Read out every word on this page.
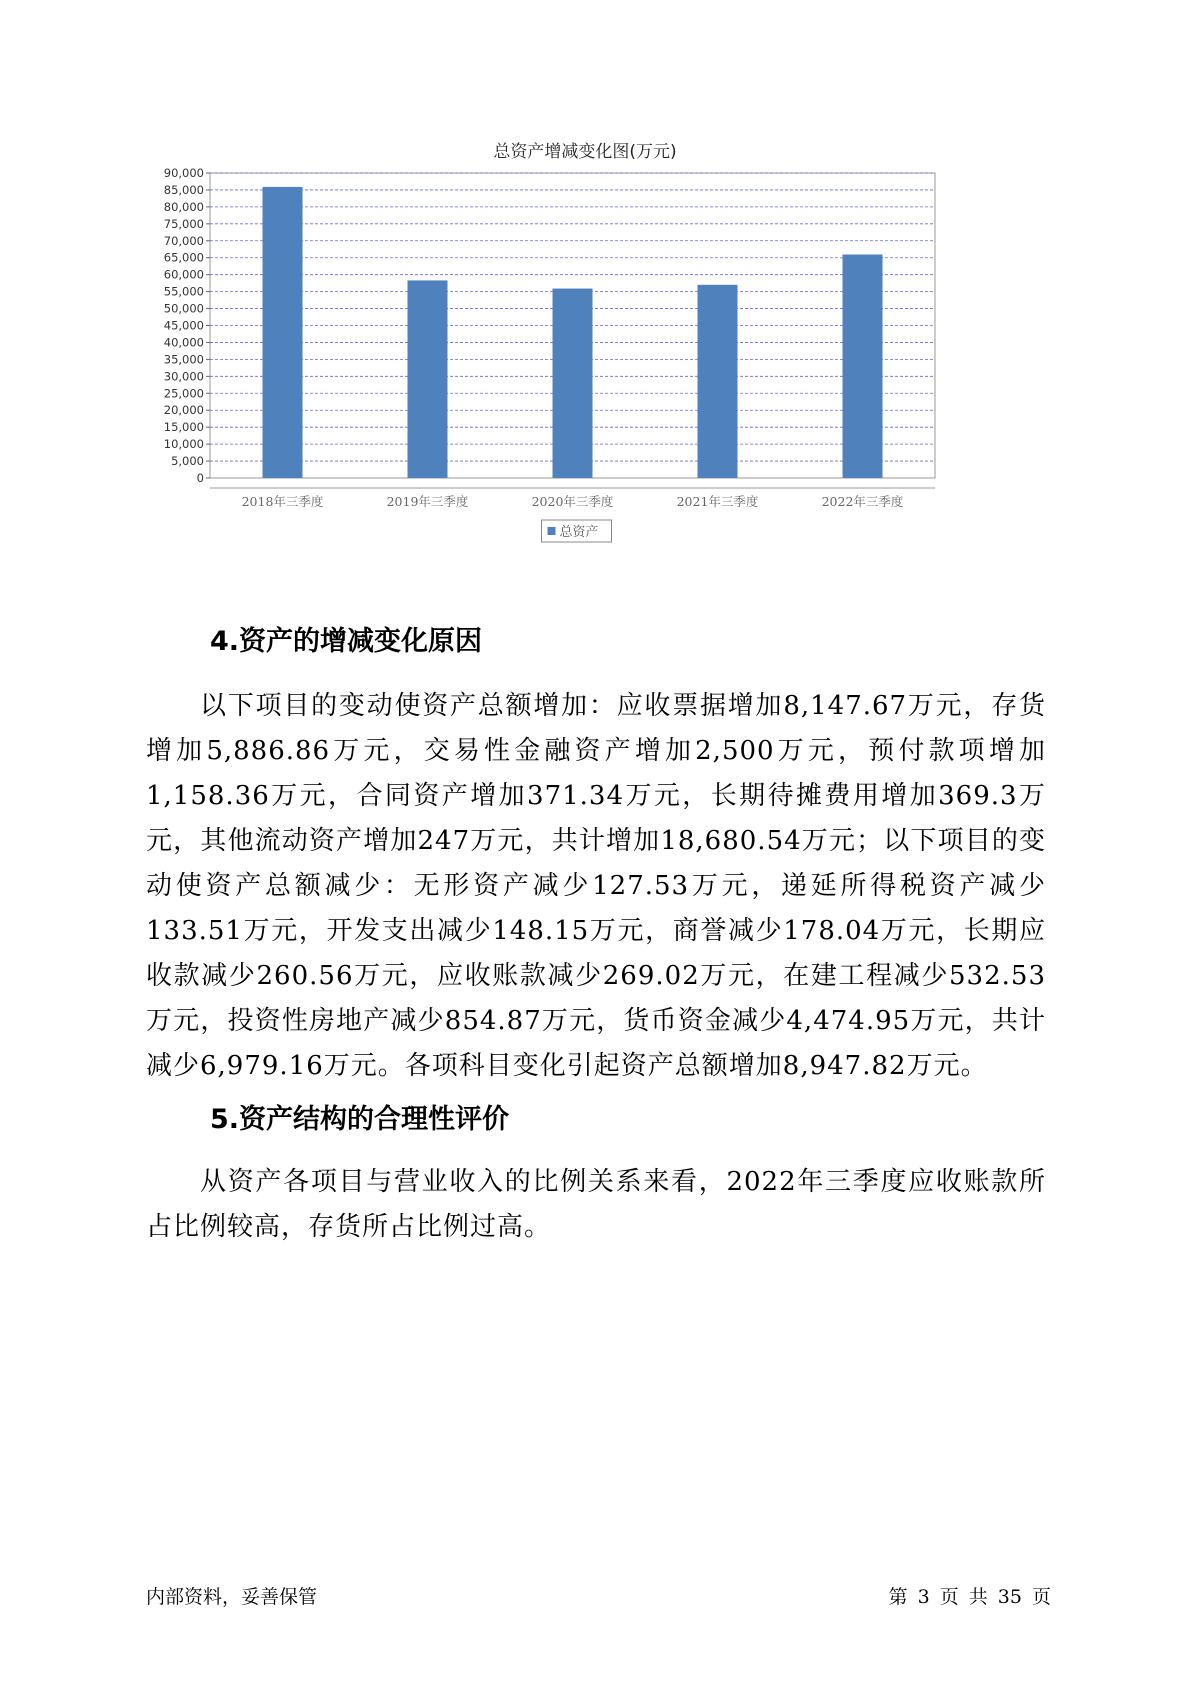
总资产增减变化图(万元)
0
5,000
10,000
15,000
20,000
25,000
30,000
35,000
40,000
45,000
50,000
55,000
60,000
65,000
70,000
75,000
80,000
85,000
90,000
2018年三季度	2019年三季度	2020年三季度	2021年三季度	2022年三季度
总资产
4.资产的增减变化原因

以下项目的变动使资产总额增加：应收票据增加8,147.67万元，存货增加5,886.86万元，交易性金融资产增加2,500万元，预付款项增加1,158.36万元，合同资产增加371.34万元，长期待摊费用增加369.3万元，其他流动资产增加247万元，共计增加18,680.54万元；以下项目的变动使资产总额减少：无形资产减少127.53万元，递延所得税资产减少133.51万元，开发支出减少148.15万元，商誉减少178.04万元，长期应收款减少260.56万元，应收账款减少269.02万元，在建工程减少532.53万元，投资性房地产减少854.87万元，货币资金减少4,474.95万元，共计减少6,979.16万元。各项科目变化引起资产总额增加8,947.82万元。

5.资产结构的合理性评价

从资产各项目与营业收入的比例关系来看，2022年三季度应收账款所占比例较高，存货所占比例过高。

内部资料，妥善保管	第 3 页 共 35 页
